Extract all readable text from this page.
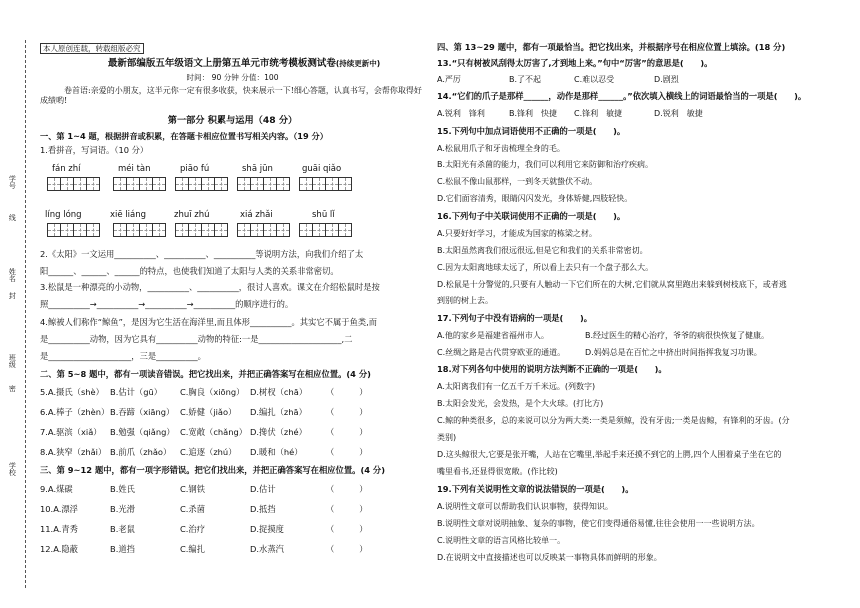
学号
线
姓名
封
班级
密
学校
本人原创连载，转载组版必究
最新部编版五年级语文上册第五单元市统考模板测试卷(持续更新中)
时间： 90 分钟 分值：100
　卷首语:亲爱的小朋友，这半元你一定有很多收获，快来展示一下!细心答题，认真书写，会帮你取得好成绩哟!
第一部分 积累与运用（48 分）
一、第 1~4 题，根据拼音或积累，在答题卡相应位置书写相关内容。（19 分）
1.看拼音，写词语。（10 分）
fán zhí	méi tàn	piāo fú	shā jūn	guāi qiǎo
líng lóng	xiē liáng	zhuī zhú	xiá zhǎi	shū lǐ
2.《太阳》一文运用__________、__________、__________等说明方法，向我们介绍了太
阳______、______、______的特点，也使我们知道了太阳与人类的关系非常密切。
3.松鼠是一种漂亮的小动物，__________、__________，很讨人喜欢。课文在介绍松鼠时是按
照__________→__________→__________→__________的顺序进行的。
4.鲸被人们称作“鲸鱼”，是因为它生活在海洋里,而且体形__________。其实它不属于鱼类,而
是__________动物，因为它具有__________动物的特征:一是____________________,二
是____________________，三是__________。
二、第 5~8 题中，都有一项读音错误。把它找出来，并把正确答案写在相应位置。(4 分)
5.A.摄氏（shè） B.估计（gū） C.胸良（xiōng） D.树杈（chā） （　　　）
6.A.棒子（zhèn）B.吞蹄（xiāng） C.娇健（jiǎo） D.编扎（zhā） （　　　）
7.A.驱滨（xiǎ） B.勉强（qiǎng） C.宽敞（chǎng） D.搀伏（zhé） （　　　）
8.A.狭窄（zhǎi） B.前爪（zhǎo） C.追逐（zhú） D.暖和（hé）	（　　　）
三、第 9~12 题中，都有一项字形错误。把它们找出来，并把正确答案写在相应位置。(4 分)
9.A.煤碳	B.姓氏	C.钢铁	D.估计	（　　　）
10.A.漂浮	B.光滑	C.杀菌	D.抵挡	（　　　）
11.A.青秀	B.老鼠	C.治疗	D.捉摸度	（　　　）
12.A.隐蔽	B.道挡	C.编扎	D.水蒸汽	（　　　）
四、第 13~29 题中，都有一项最恰当。把它找出来，并根据序号在相应位置上填涂。(18 分)
13.“只有树被风刮得太厉害了,才到地上来。”句中“厉害”的意思是(　　)。
A.严厉	B.了不起	C.难以忍受	D.剧烈
14.“它们的爪子是那样______，动作是那样______。”依次填入横线上的词语最恰当的一项是(　　)。
A.锐利　锋利	B.锋利　快捷 C.锋利　敏捷	D.锐利　敏捷
15.下列句中加点词语使用不正确的一项是(　　)。
A.松鼠用爪子和牙齿梳理全身的毛。
B.太阳光有杀菌的能力，我们可以利用它来防御和治疗疾病。
C.松鼠不像山鼠那样，一到冬天就蛰伏不动。
D.它们面容清秀，眼睛闪闪发光，身体矫健,四肢轻快。
16.下列句子中关联词使用不正确的一项是(　　)。
A.只要好好学习，才能成为国家的栋梁之材。
B.太阳虽然离我们很远很远,但是它和我们的关系非常密切。
C.因为太阳离地球太远了，所以看上去只有一个盘子那么大。
D.松鼠是十分警觉的,只要有人触动一下它们所在的大树,它们就从窝里跑出来躲到树枝底下，或者逃
到别的树上去。
17.下列句子中没有语病的一项是(　　)。
A.他的家乡是福建省福州市人。	B.经过医生的精心治疗，爷爷的病很快恢复了健康。
C.丝绸之路是古代贯穿欧亚的通道。 D.妈妈总是在百忙之中挤出时间指挥我复习功课。
18.对下列各句中使用的说明方法判断不正确的一项是(　　)。
A.太阳离我们有一亿五千万千米远。(列数字)
B.太阳会发光，会发热，是个大火球。(打比方)
C.鲸的种类很多，总的来说可以分为两大类:一类是须鲸，没有牙齿;一类是齿鲸，有锋利的牙齿。(分
类别)
D.这头鲸很大,它要是张开嘴，人站在它嘴里,举起手来还摸不到它的上腭,四个人围着桌子坐在它的
嘴里看书,还显得很宽敞。(作比较)
19.下列有关说明性文章的说法错误的一项是(　　)。
A.说明性文章可以帮助我们认识事物，获得知识。
B.说明性文章对说明抽象、复杂的事物，使它们变得通俗易懂,往往会使用一一些说明方法。
C.说明性文章的语言风格比较单一。
D.在说明文中直接描述也可以反映某一事物具体而鲜明的形象。
